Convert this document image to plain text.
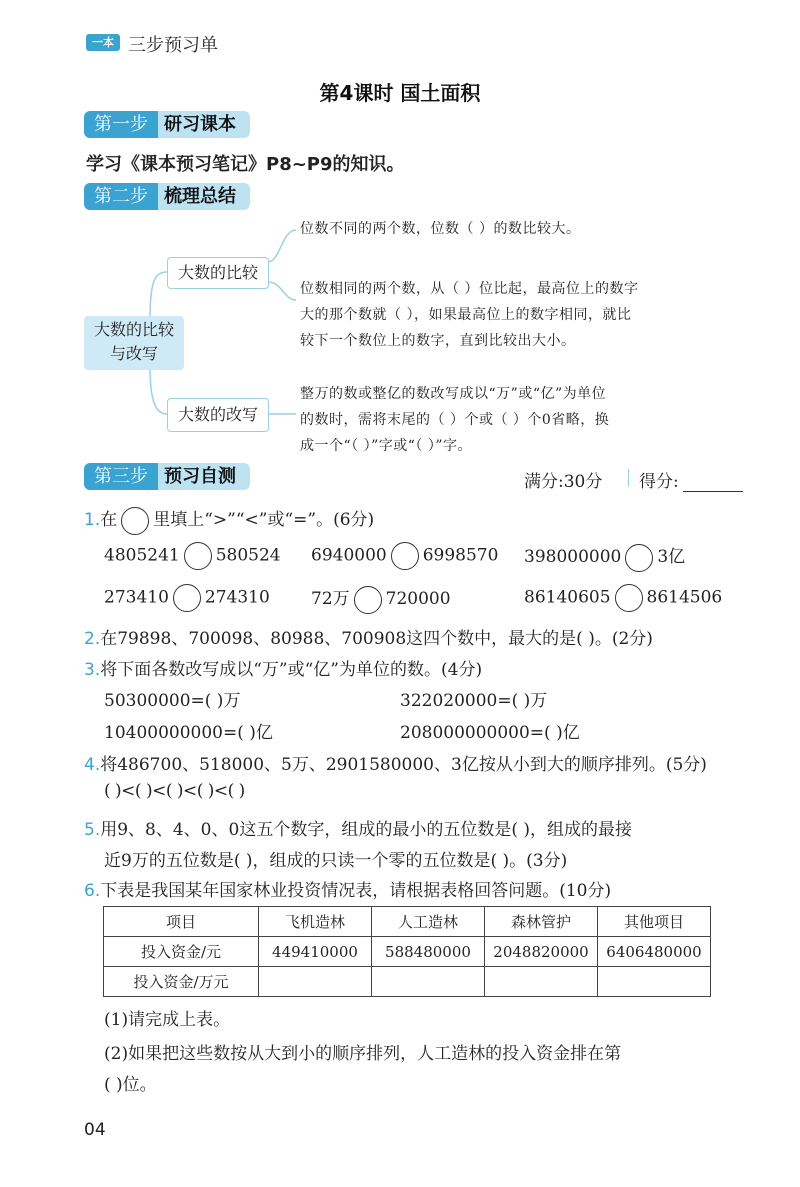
一本 三步预习单
第4课时 国土面积
第一步 研习课本
学习《课本预习笔记》P8~P9的知识。
第二步 梳理总结
大数的比较
与改写
大数的比较
大数的改写
位数不同的两个数，位数（ ）的数比较大。
位数相同的两个数，从（ ）位比起，最高位上的数字
大的那个数就（ ），如果最高位上的数字相同，就比
较下一个数位上的数字，直到比较出大小。
整万的数或整亿的数改写成以“万”或“亿”为单位
的数时，需将末尾的（ ）个或（ ）个0省略，换
成一个“（ ）”字或“（ ）”字。
第三步 预习自测	满分:30分 得分:
1.在 里填上“>”“<”或“=”。(6分)
4805241 580524 6940000 6998570 398000000 3亿
273410 274310 72万 720000	86140605 8614506
2.在79898、700098、80988、700908这四个数中，最大的是( )。(2分)
3.将下面各数改写成以“万”或“亿”为单位的数。(4分)
50300000=( )万	322020000=( )万
10400000000=( )亿	208000000000=( )亿
4.将486700、518000、5万、2901580000、3亿按从小到大的顺序排列。(5分)
( )<( )<( )<( )<( )
5.用9、8、4、0、0这五个数字，组成的最小的五位数是( )，组成的最接
近9万的五位数是( )，组成的只读一个零的五位数是( )。(3分)
6.下表是我国某年国家林业投资情况表，请根据表格回答问题。(10分)
项目	飞机造林	人工造林	森林管护	其他项目
投入资金/元	449410000	588480000	2048820000	6406480000
投入资金/万元				
(1)请完成上表。
(2)如果把这些数按从大到小的顺序排列，人工造林的投入资金排在第
( )位。
04
